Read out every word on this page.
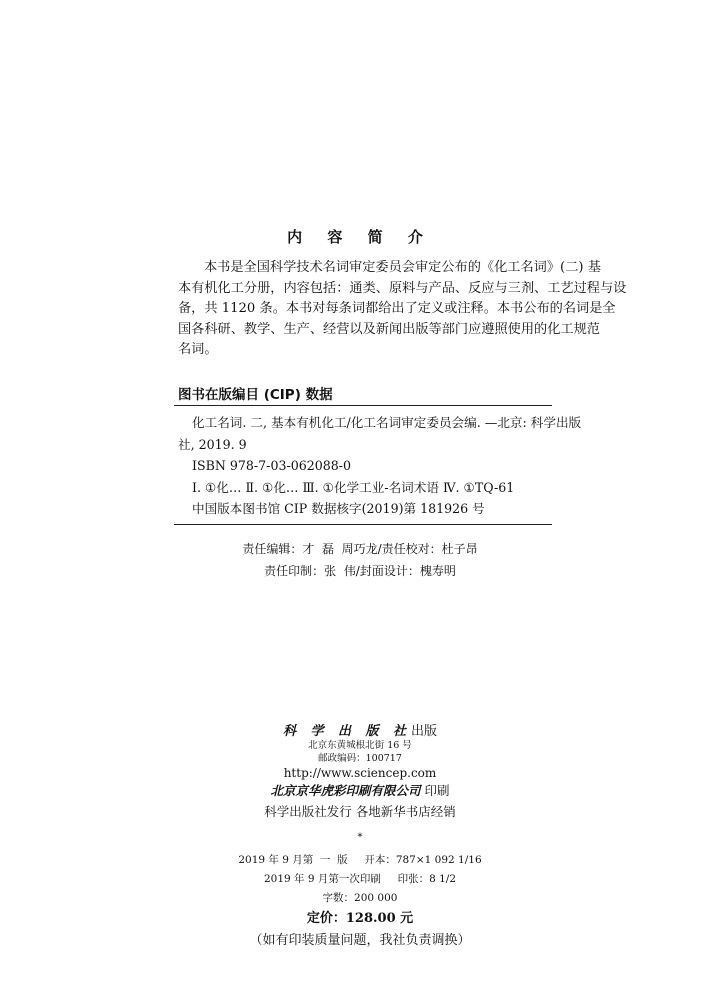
内 容 简 介

本书是全国科学技术名词审定委员会审定公布的《化工名词》(二) 基

本有机化工分册，内容包括：通类、原料与产品、反应与三剂、工艺过程与设

备，共 1120 条。本书对每条词都给出了定义或注释。本书公布的名词是全

国各科研、教学、生产、经营以及新闻出版等部门应遵照使用的化工规范

名词。

图书在版编目 (CIP) 数据

化工名词. 二, 基本有机化工/化工名词审定委员会编. —北京: 科学出版

社, 2019. 9

ISBN 978-7-03-062088-0

Ⅰ. ①化… Ⅱ. ①化… Ⅲ. ①化学工业-名词术语 Ⅳ. ①TQ-61

中国版本图书馆 CIP 数据核字(2019)第 181926 号

责任编辑：才  磊  周巧龙/责任校对：杜子昂

责任印制：张  伟/封面设计：槐寿明

科 学 出 版 社出版
北京东黄城根北街 16 号
邮政编码：100717
http://www.sciencep.com
北京京华虎彩印刷有限公司 印刷
科学出版社发行 各地新华书店经销
*
2019 年 9 月第  一  版     开本：787×1 092 1/16
2019 年 9 月第一次印刷     印张：8 1/2
字数：200 000
定价：128.00 元
（如有印装质量问题，我社负责调换）
